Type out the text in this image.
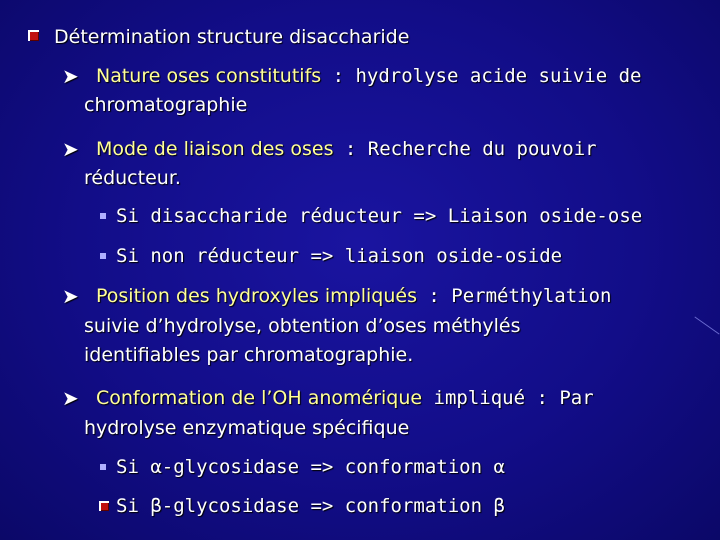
Détermination structure disaccharide
➤ Nature oses constitutifs : hydrolyse acide suivie de
chromatographie
➤ Mode de liaison des oses : Recherche du pouvoir
réducteur.
Si disaccharide réducteur => Liaison oside-ose
Si non réducteur => liaison oside-oside
➤ Position des hydroxyles impliqués : Perméthylation
suivie d’hydrolyse, obtention d’oses méthylés
identifiables par chromatographie.
➤ Conformation de l’OH anomérique impliqué : Par
hydrolyse enzymatique spécifique
Si α-glycosidase => conformation α
Si β-glycosidase => conformation β
